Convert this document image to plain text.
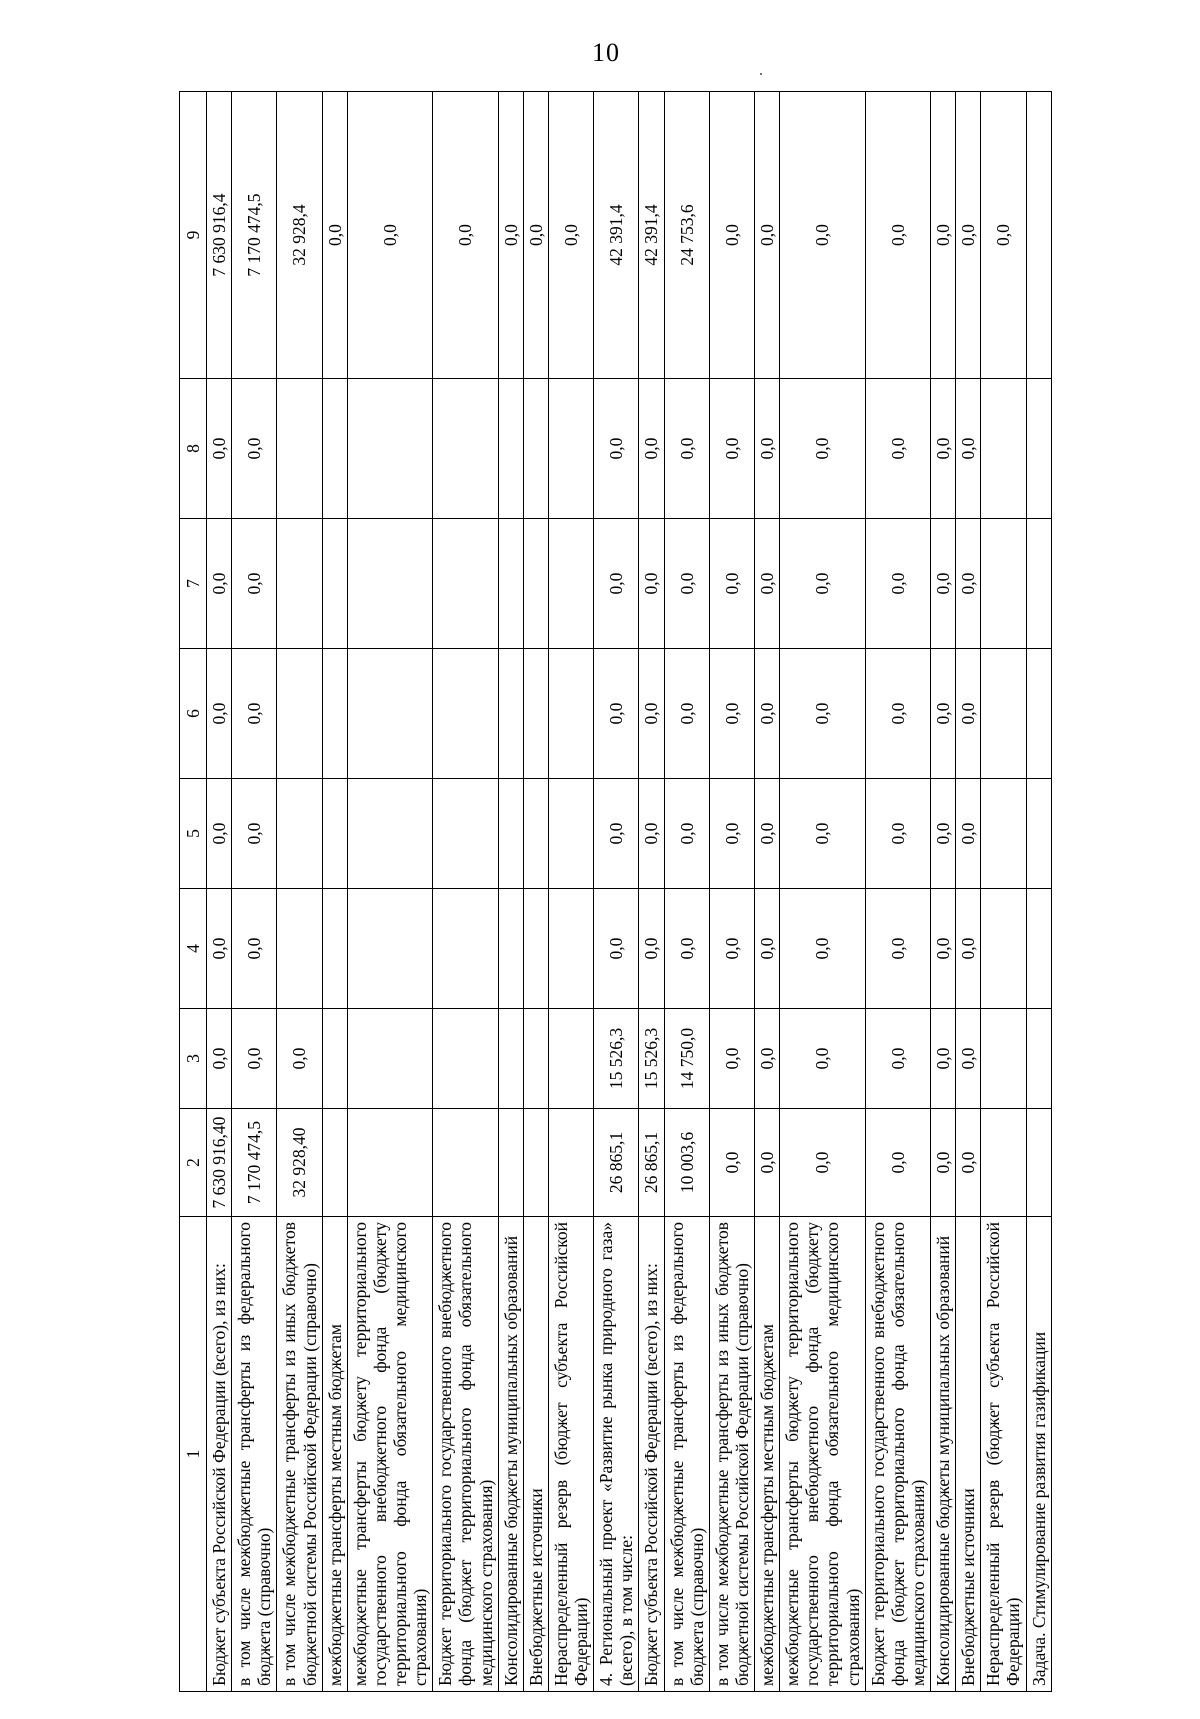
10
1	2	3	4	5	6	7	8	9
Бюджет субъекта Российской Федерации (всего), из них:	7 630 916,40	0,0	0,0	0,0	0,0	0,0	0,0	7 630 916,4
в том числе межбюджетные трансферты из федерального бюджета (справочно)	7 170 474,5	0,0	0,0	0,0	0,0	0,0	0,0	7 170 474,5
в том числе межбюджетные трансферты из иных бюджетов бюджетной системы Российской Федерации (справочно)	32 928,40	0,0						32 928,4
межбюджетные трансферты местным бюджетам								0,0
межбюджетные трансферты бюджету территориального государственного внебюджетного фонда (бюджету территориального фонда обязательного медицинского страхования)								0,0
Бюджет территориального государственного внебюджетного фонда (бюджет территориального фонда обязательного медицинского страхования)								0,0
Консолидированные бюджеты муниципальных образований								0,0
Внебюджетные источники								0,0
Нераспределенный резерв (бюджет субъекта Российской Федерации)								0,0
4. Региональный проект «Развитие рынка природного газа» (всего), в том числе:	26 865,1	15 526,3	0,0	0,0	0,0	0,0	0,0	42 391,4
Бюджет субъекта Российской Федерации (всего), из них:	26 865,1	15 526,3	0,0	0,0	0,0	0,0	0,0	42 391,4
в том числе межбюджетные трансферты из федерального бюджета (справочно)	10 003,6	14 750,0	0,0	0,0	0,0	0,0	0,0	24 753,6
в том числе межбюджетные трансферты из иных бюджетов бюджетной системы Российской Федерации (справочно)	0,0	0,0	0,0	0,0	0,0	0,0	0,0	0,0
межбюджетные трансферты местным бюджетам	0,0	0,0	0,0	0,0	0,0	0,0	0,0	0,0
межбюджетные трансферты бюджету территориального государственного внебюджетного фонда (бюджету территориального фонда обязательного медицинского страхования)	0,0	0,0	0,0	0,0	0,0	0,0	0,0	0,0
Бюджет территориального государственного внебюджетного фонда (бюджет территориального фонда обязательного медицинского страхования)	0,0	0,0	0,0	0,0	0,0	0,0	0,0	0,0
Консолидированные бюджеты муниципальных образований	0,0	0,0	0,0	0,0	0,0	0,0	0,0	0,0
Внебюджетные источники	0,0	0,0	0,0	0,0	0,0	0,0	0,0	0,0
Нераспределенный резерв (бюджет субъекта Российской Федерации)								0,0
Задача. Стимулирование развития газификации								
